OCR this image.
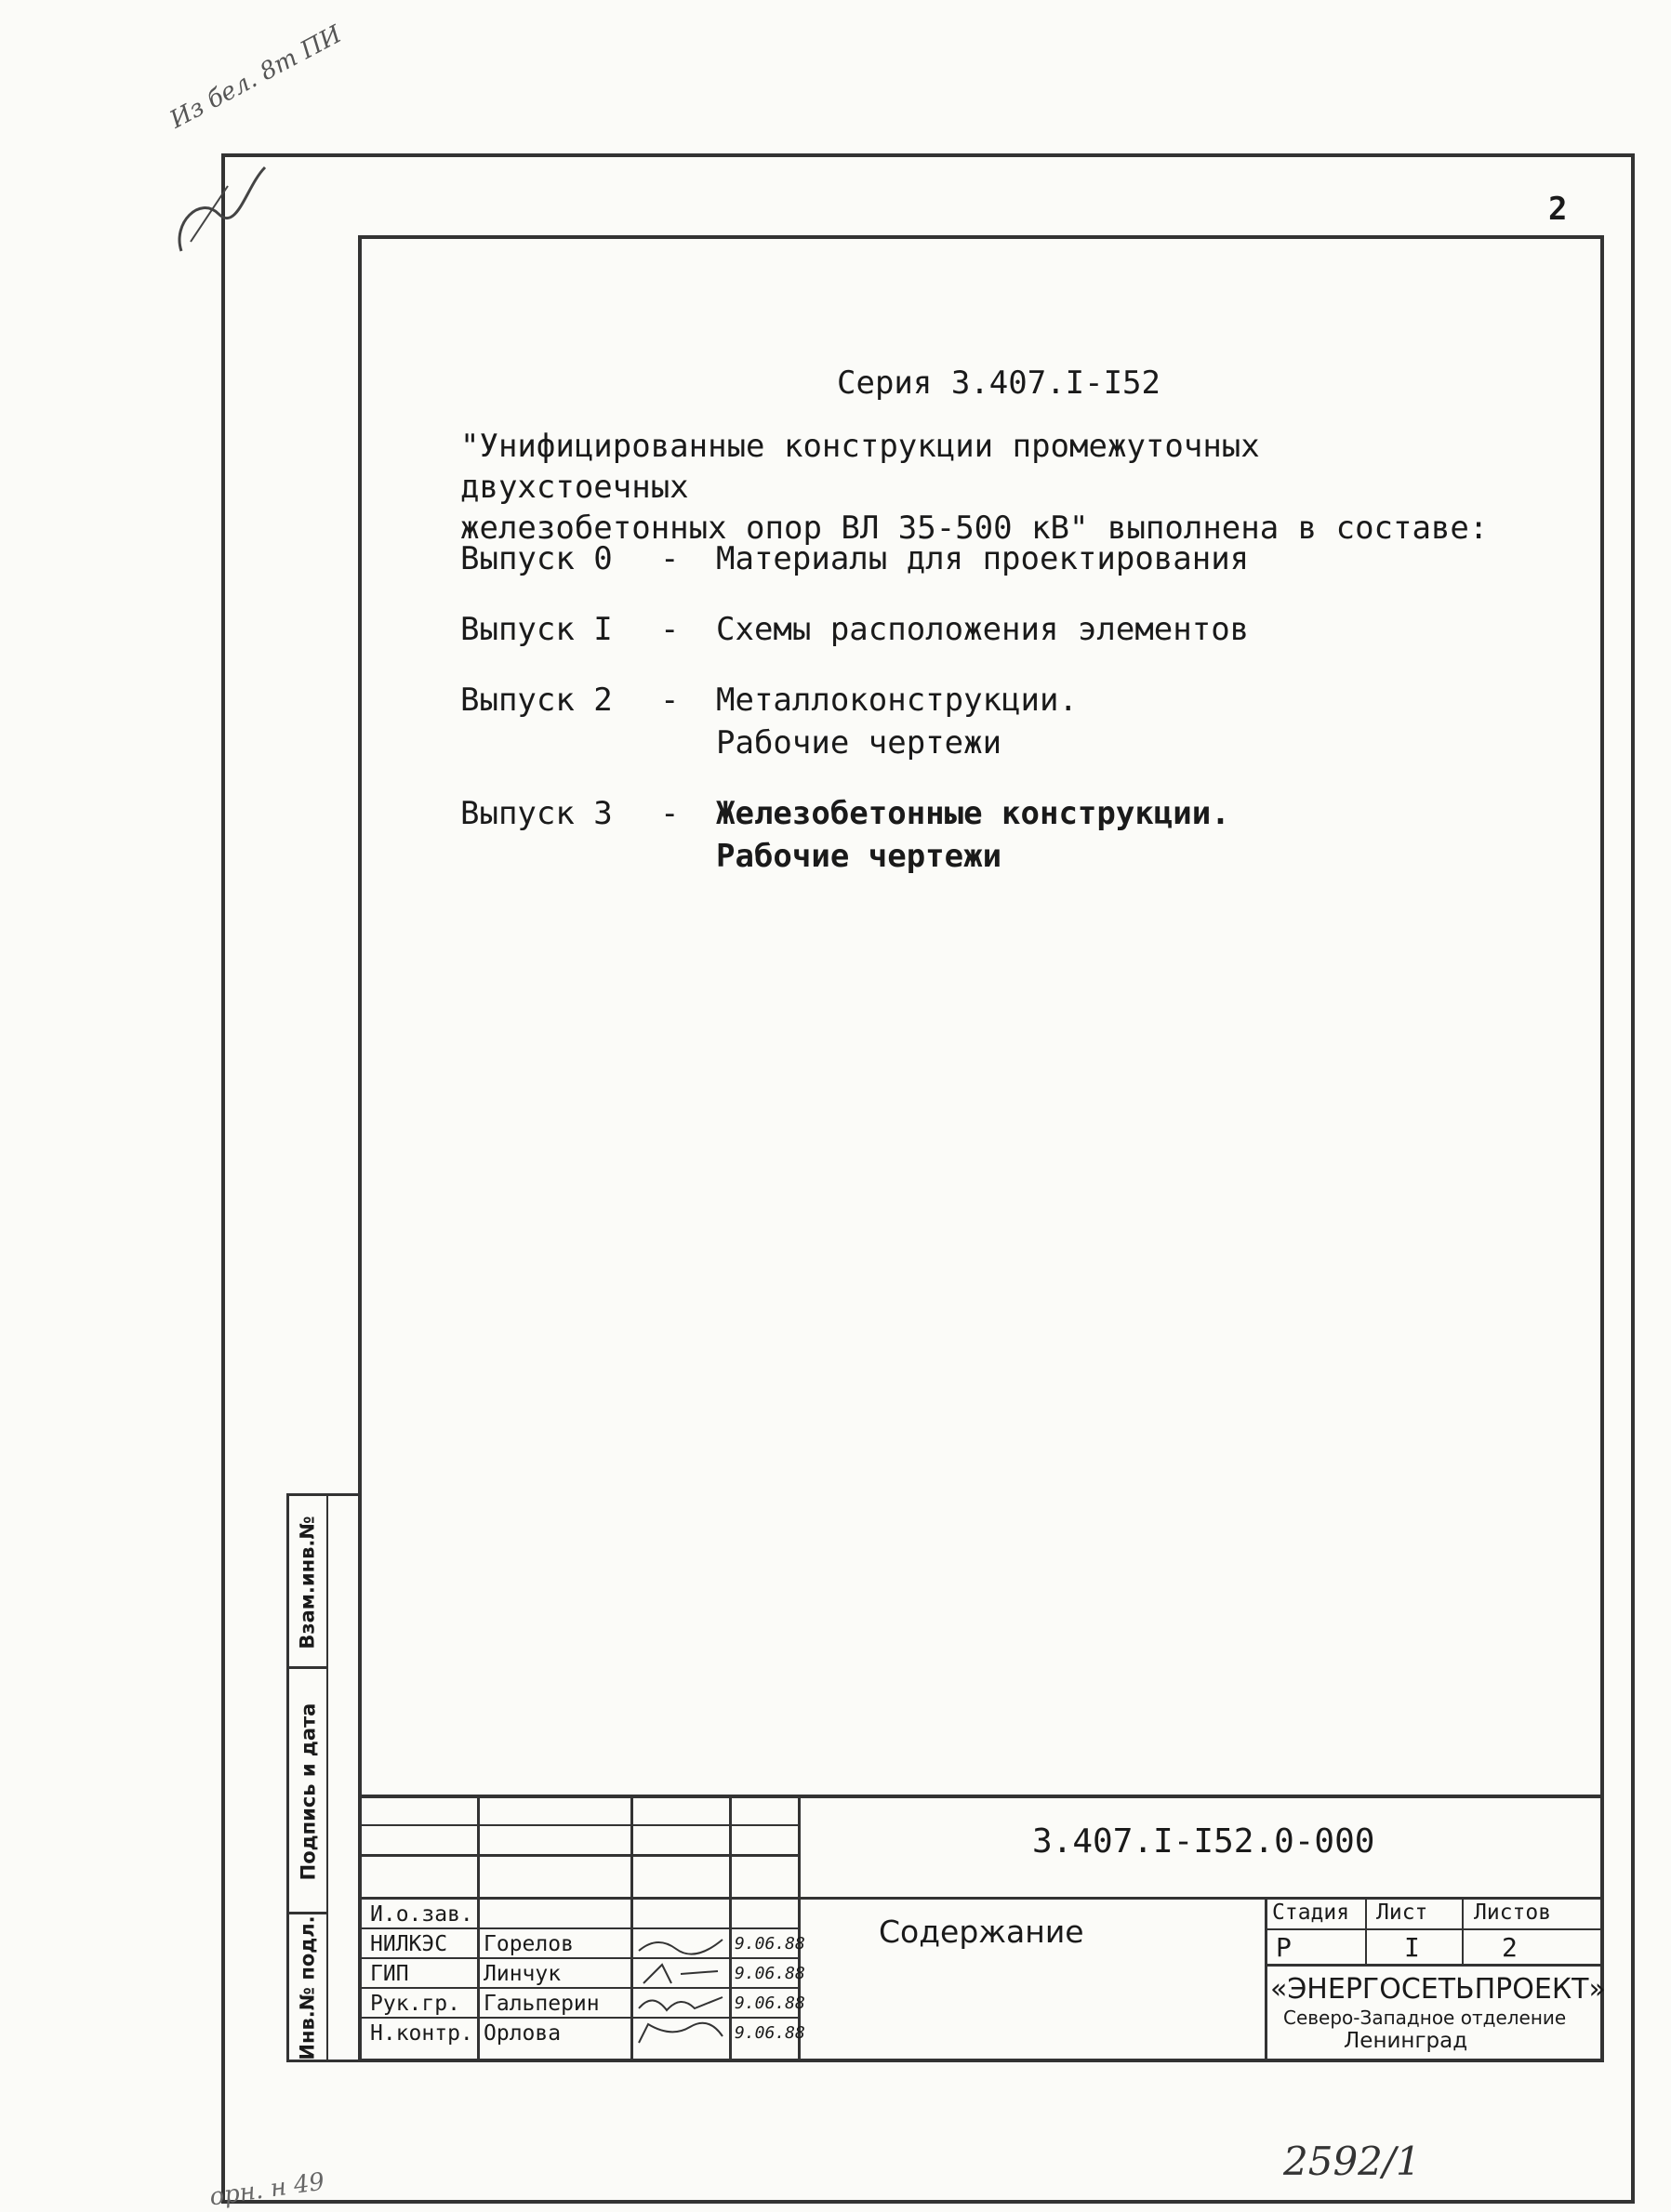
2
Из бел. 8т ПИ
Серия 3.407.I-I52
"Унифицированные конструкции промежуточных двухстоечных
железобетонных опор ВЛ 35-500 кВ" выполнена в составе:
Выпуск 0	-	Материалы для проектирования
Выпуск I	-	Схемы расположения элементов
Выпуск 2	-	Металлоконструкции.
Рабочие чертежи
Выпуск 3	-	Железобетонные конструкции.
Рабочие чертежи
Взам.инв.№
Подпись и дата
Инв.№ подл.
3.407.I-I52.0-000
Содержание
Стадия Лист Листов
Р	I	2
«ЭНЕРГОСЕТЬПРОЕКТ»
Северо-Западное отделение
Ленинград
И.о.зав.
НИЛКЭС Горелов	9.06.88
ГИП	Линчук	9.06.88
Рук.гр. Гальперин	9.06.88
Н.контр. Орлова	9.06.88
2592/1
орн. н 49
